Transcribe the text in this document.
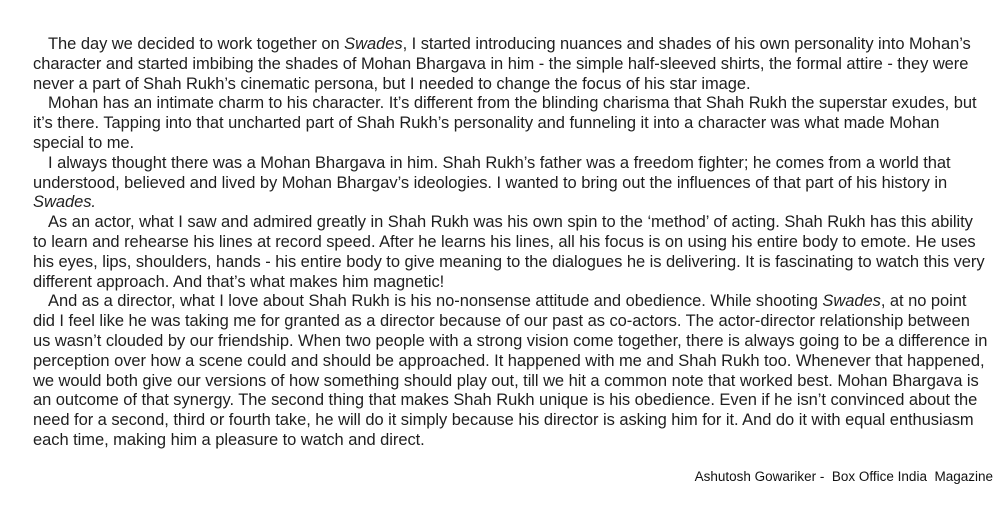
The day we decided to work together on Swades, I started introducing nuances and shades of his own personality into Mohan’s character and started imbibing the shades of Mohan Bhargava in him - the simple half-sleeved shirts, the formal attire - they were never a part of Shah Rukh’s cinematic persona, but I needed to change the focus of his star image.

Mohan has an intimate charm to his character. It’s different from the blinding charisma that Shah Rukh the superstar exudes, but it’s there. Tapping into that uncharted part of Shah Rukh’s personality and funneling it into a character was what made Mohan special to me.

I always thought there was a Mohan Bhargava in him. Shah Rukh’s father was a freedom fighter; he comes from a world that understood, believed and lived by Mohan Bhargav’s ideologies. I wanted to bring out the influences of that part of his history in Swades.

As an actor, what I saw and admired greatly in Shah Rukh was his own spin to the ‘method’ of acting. Shah Rukh has this ability to learn and rehearse his lines at record speed. After he learns his lines, all his focus is on using his entire body to emote. He uses his eyes, lips, shoulders, hands - his entire body to give meaning to the dialogues he is delivering. It is fascinating to watch this very different approach. And that’s what makes him magnetic!

And as a director, what I love about Shah Rukh is his no-nonsense attitude and obedience. While shooting Swades, at no point did I feel like he was taking me for granted as a director because of our past as co-actors. The actor-director relationship between us wasn’t clouded by our friendship. When two people with a strong vision come together, there is always going to be a difference in perception over how a scene could and should be approached. It happened with me and Shah Rukh too. Whenever that happened, we would both give our versions of how something should play out, till we hit a common note that worked best. Mohan Bhargava is an outcome of that synergy. The second thing that makes Shah Rukh unique is his obedience. Even if he isn’t convinced about the need for a second, third or fourth take, he will do it simply because his director is asking him for it. And do it with equal enthusiasm each time, making him a pleasure to watch and direct.

Ashutosh Gowariker -  Box Office India  Magazine
